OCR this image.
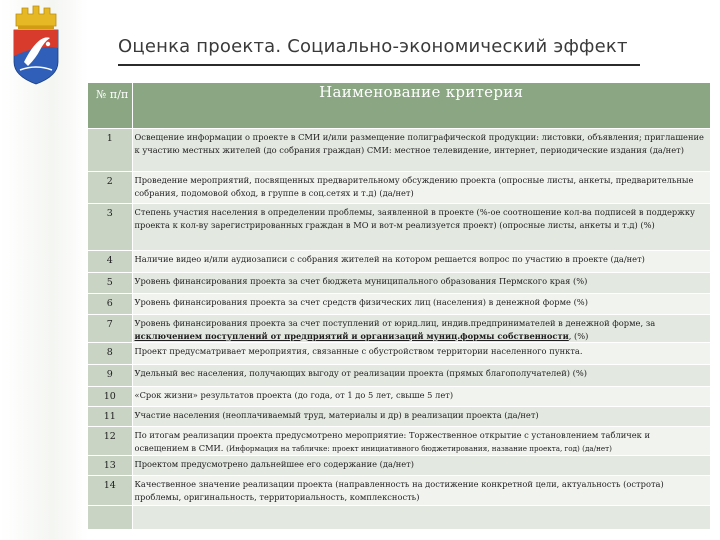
Оценка проекта. Социально-экономический эффект
№ п/п	Наименование критерия

1	Освещение информации о проекте в СМИ и/или размещение полиграфической продукции: листовки, объявления; приглашение к участию местных жителей (до собрания граждан) СМИ: местное телевидение, интернет, периодические издания (да/нет)

2	Проведение мероприятий, посвященных предварительному обсуждению проекта (опросные листы, анкеты, предварительные собрания, подомовой обход, в группе в соц.сетях и т.д) (да/нет)

3	Степень участия населения в определении проблемы, заявленной в проекте (%-ое соотношение кол-ва подписей в поддержку проекта к кол-ву зарегистрированных граждан в МО и вот-м реализуется проект) (опросные листы, анкеты и т.д) (%)

4	Наличие видео и/или аудиозаписи с собрания жителей на котором решается вопрос по участию в проекте (да/нет)

5	Уровень финансирования проекта за счет бюджета муниципального образования Пермского края (%)

6	Уровень финансирования проекта за счет средств физических лиц (населения) в денежной форме (%)

7	Уровень финансирования проекта за счет поступлений от юрид.лиц, индив.предпринимателей в денежной форме, за исключением поступлений от предприятий и организаций муниц.формы собственности, (%)

8	Проект предусматривает мероприятия, связанные с обустройством территории населенного пункта.

9	Удельный вес населения, получающих выгоду от реализации проекта (прямых благополучателей) (%)

10	«Срок жизни» результатов проекта (до года, от 1 до 5 лет, свыше 5 лет)

11	Участие населения (неоплачиваемый труд, материалы и др) в реализации проекта (да/нет)

12	По итогам реализации проекта предусмотрено мероприятие: Торжественное открытие с установлением табличек и освещением в СМИ. (Информация на табличке: проект инициативного бюджетирования, название проекта, год) (да/нет)

13	Проектом предусмотрено дальнейшее его содержание (да/нет)

14	Качественное значение реализации проекта (направленность на достижение конкретной цели, актуальность (острота) проблемы, оригинальность, территориальность, комплексность)
